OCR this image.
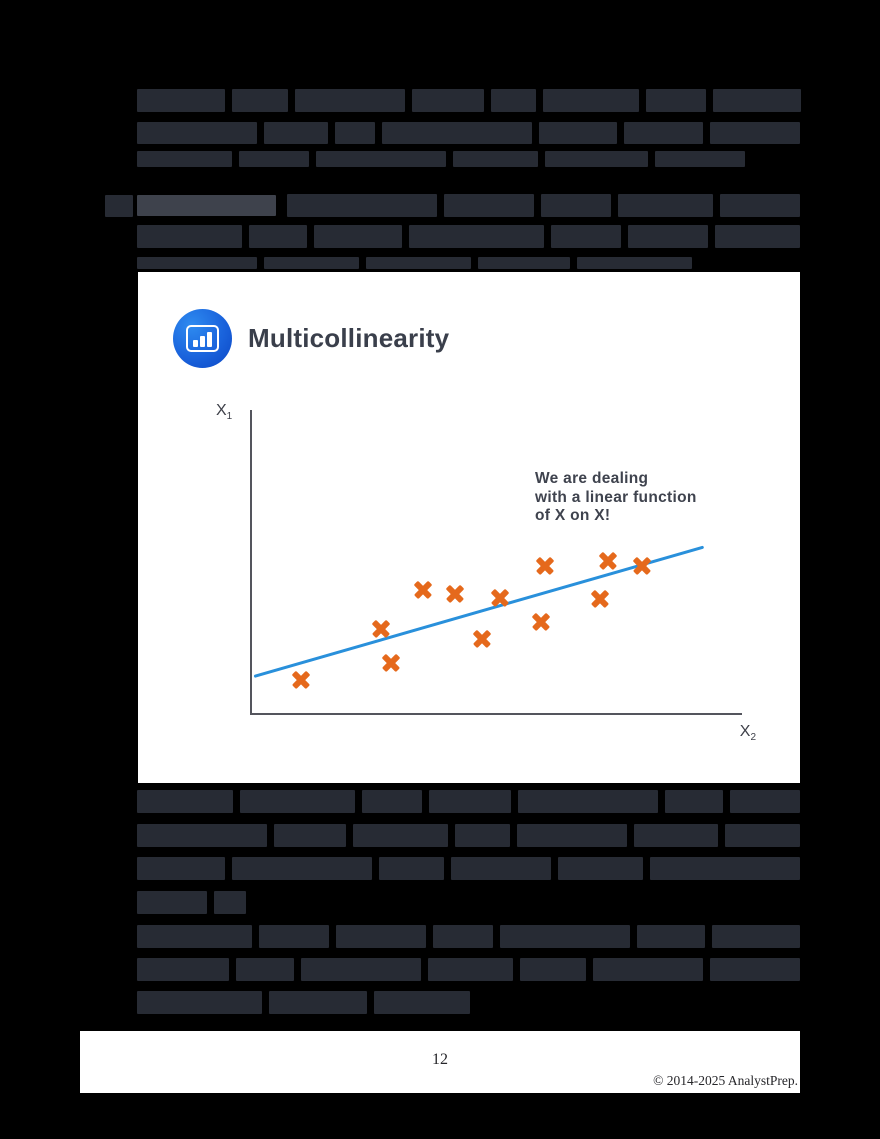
Multicollinearity
$X_1$
$X_2$
We are dealing
with a linear function
of X on X!
12
© 2014-2025 AnalystPrep.
